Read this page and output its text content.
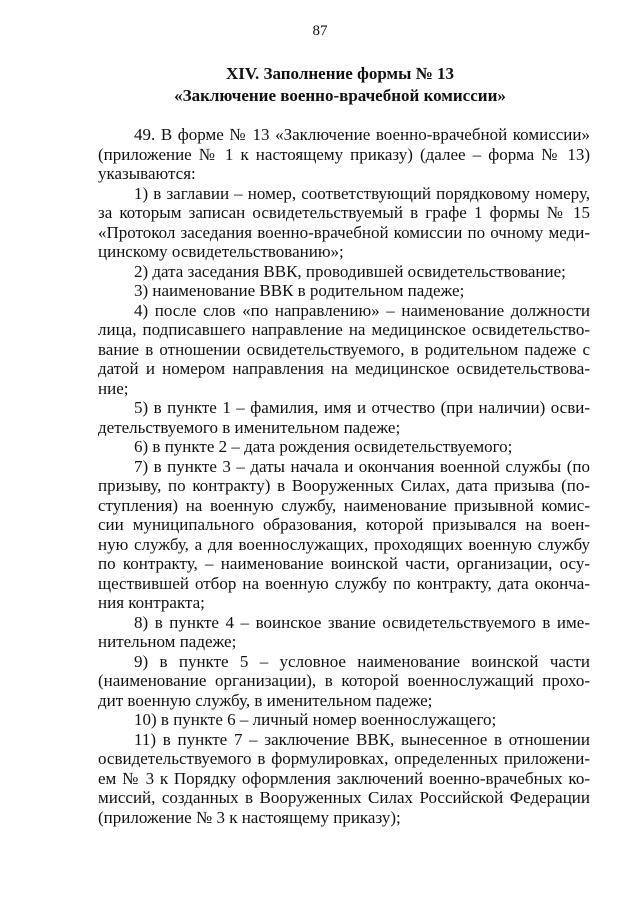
87
XIV. Заполнение формы № 13
«Заключение военно-врачебной комиссии»
49. В форме № 13 «Заключение военно-врачебной комиссии»
(приложение № 1 к настоящему приказу) (далее – форма № 13)
указываются:
1) в заглавии – номер, соответствующий порядковому номеру,
за которым записан освидетельствуемый в графе 1 формы № 15
«Протокол заседания военно-врачебной комиссии по очному меди-
цинскому освидетельствованию»;
2) дата заседания ВВК, проводившей освидетельствование;
3) наименование ВВК в родительном падеже;
4) после слов «по направлению» – наименование должности
лица, подписавшего направление на медицинское освидетельство-
вание в отношении освидетельствуемого, в родительном падеже с
датой и номером направления на медицинское освидетельствова-
ние;
5) в пункте 1 – фамилия, имя и отчество (при наличии) осви-
детельствуемого в именительном падеже;
6) в пункте 2 – дата рождения освидетельствуемого;
7) в пункте 3 – даты начала и окончания военной службы (по
призыву, по контракту) в Вооруженных Силах, дата призыва (по-
ступления) на военную службу, наименование призывной комис-
сии муниципального образования, которой призывался на воен-
ную службу, а для военнослужащих, проходящих военную службу
по контракту, – наименование воинской части, организации, осу-
ществившей отбор на военную службу по контракту, дата оконча-
ния контракта;
8) в пункте 4 – воинское звание освидетельствуемого в име-
нительном падеже;
9) в пункте 5 – условное наименование воинской части
(наименование организации), в которой военнослужащий прохо-
дит военную службу, в именительном падеже;
10) в пункте 6 – личный номер военнослужащего;
11) в пункте 7 – заключение ВВК, вынесенное в отношении
освидетельствуемого в формулировках, определенных приложени-
ем № 3 к Порядку оформления заключений военно-врачебных ко-
миссий, созданных в Вооруженных Силах Российской Федерации
(приложение № 3 к настоящему приказу);
